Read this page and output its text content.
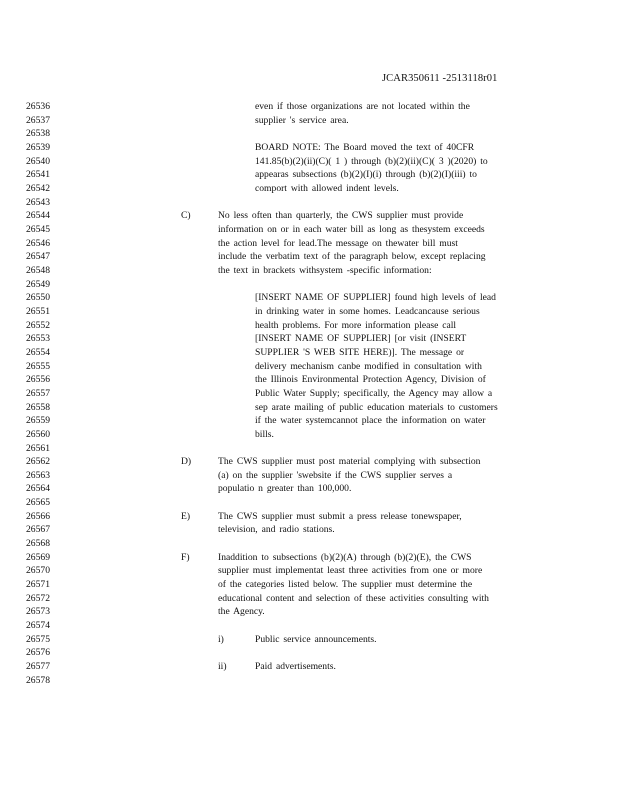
JCAR350611 -2513118r01
26536
26537
26538
26539
26540
26541
26542
26543
26544
26545
26546
26547
26548
26549
26550
26551
26552
26553
26554
26555
26556
26557
26558
26559
26560
26561
26562
26563
26564
26565
26566
26567
26568
26569
26570
26571
26572
26573
26574
26575
26576
26577
26578
even if those organizations are not located within the
supplier 's service area.
BOARD NOTE: The Board moved the text of 40CFR
141.85(b)(2)(ii)(C)( 1 ) through (b)(2)(ii)(C)( 3 )(2020) to
appearas subsections (b)(2)(I)(i) through (b)(2)(I)(iii) to
comport with allowed indent levels.
C)	No less often than quarterly, the CWS supplier must provide
information on or in each water bill as long as thesystem exceeds
the action level for lead.The message on thewater bill must
include the verbatim text of the paragraph below, except replacing
the text in brackets withsystem -specific information:
[INSERT NAME OF SUPPLIER] found high levels of lead
in drinking water in some homes. Leadcancause serious
health problems. For more information please call
[INSERT NAME OF SUPPLIER] [or visit (INSERT
SUPPLIER 'S WEB SITE HERE)]. The message or
delivery mechanism canbe modified in consultation with
the Illinois Environmental Protection Agency, Division of
Public Water Supply; specifically, the Agency may allow a
sep arate mailing of public education materials to customers
if the water systemcannot place the information on water
bills.
D)	The CWS supplier must post material complying with subsection
(a) on the supplier 'swebsite if the CWS supplier serves a
populatio n greater than 100,000.
E)	The CWS supplier must submit a press release tonewspaper,
television, and radio stations.
F)	Inaddition to subsections (b)(2)(A) through (b)(2)(E), the CWS
supplier must implementat least three activities from one or more
of the categories listed below. The supplier must determine the
educational content and selection of these activities consulting with
the Agency.
i)	Public service announcements.
ii)	Paid advertisements.
